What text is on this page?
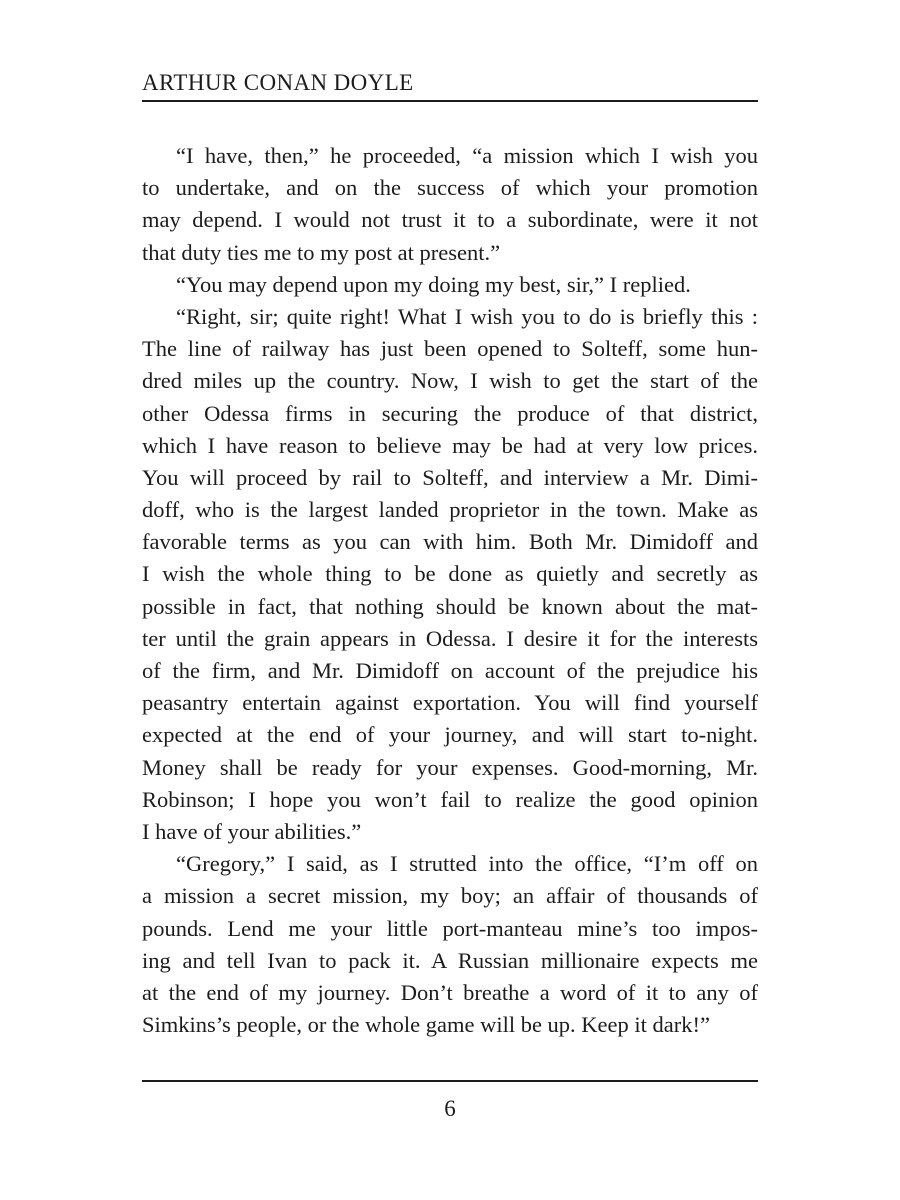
ARTHUR CONAN DOYLE
“I have, then,” he proceeded, “a mission which I wish you
to undertake, and on the success of which your promotion
may depend. I would not trust it to a subordinate, were it not
that duty ties me to my post at present.”
“You may depend upon my doing my best, sir,” I replied.
“Right, sir; quite right! What I wish you to do is briefly this :
The line of railway has just been opened to Solteff, some hun-
dred miles up the country. Now, I wish to get the start of the
other Odessa firms in securing the produce of that district,
which I have reason to believe may be had at very low prices.
You will proceed by rail to Solteff, and interview a Mr. Dimi-
doff, who is the largest landed proprietor in the town. Make as
favorable terms as you can with him. Both Mr. Dimidoff and
I wish the whole thing to be done as quietly and secretly as
possible in fact, that nothing should be known about the mat-
ter until the grain appears in Odessa. I desire it for the interests
of the firm, and Mr. Dimidoff on account of the prejudice his
peasantry entertain against exportation. You will find yourself
expected at the end of your journey, and will start to-night.
Money shall be ready for your expenses. Good-morning, Mr.
Robinson; I hope you won’t fail to realize the good opinion
I have of your abilities.”
“Gregory,” I said, as I strutted into the office, “I’m off on
a mission a secret mission, my boy; an affair of thousands of
pounds. Lend me your little port-manteau mine’s too impos-
ing and tell Ivan to pack it. A Russian millionaire expects me
at the end of my journey. Don’t breathe a word of it to any of
Simkins’s people, or the whole game will be up. Keep it dark!”
6
